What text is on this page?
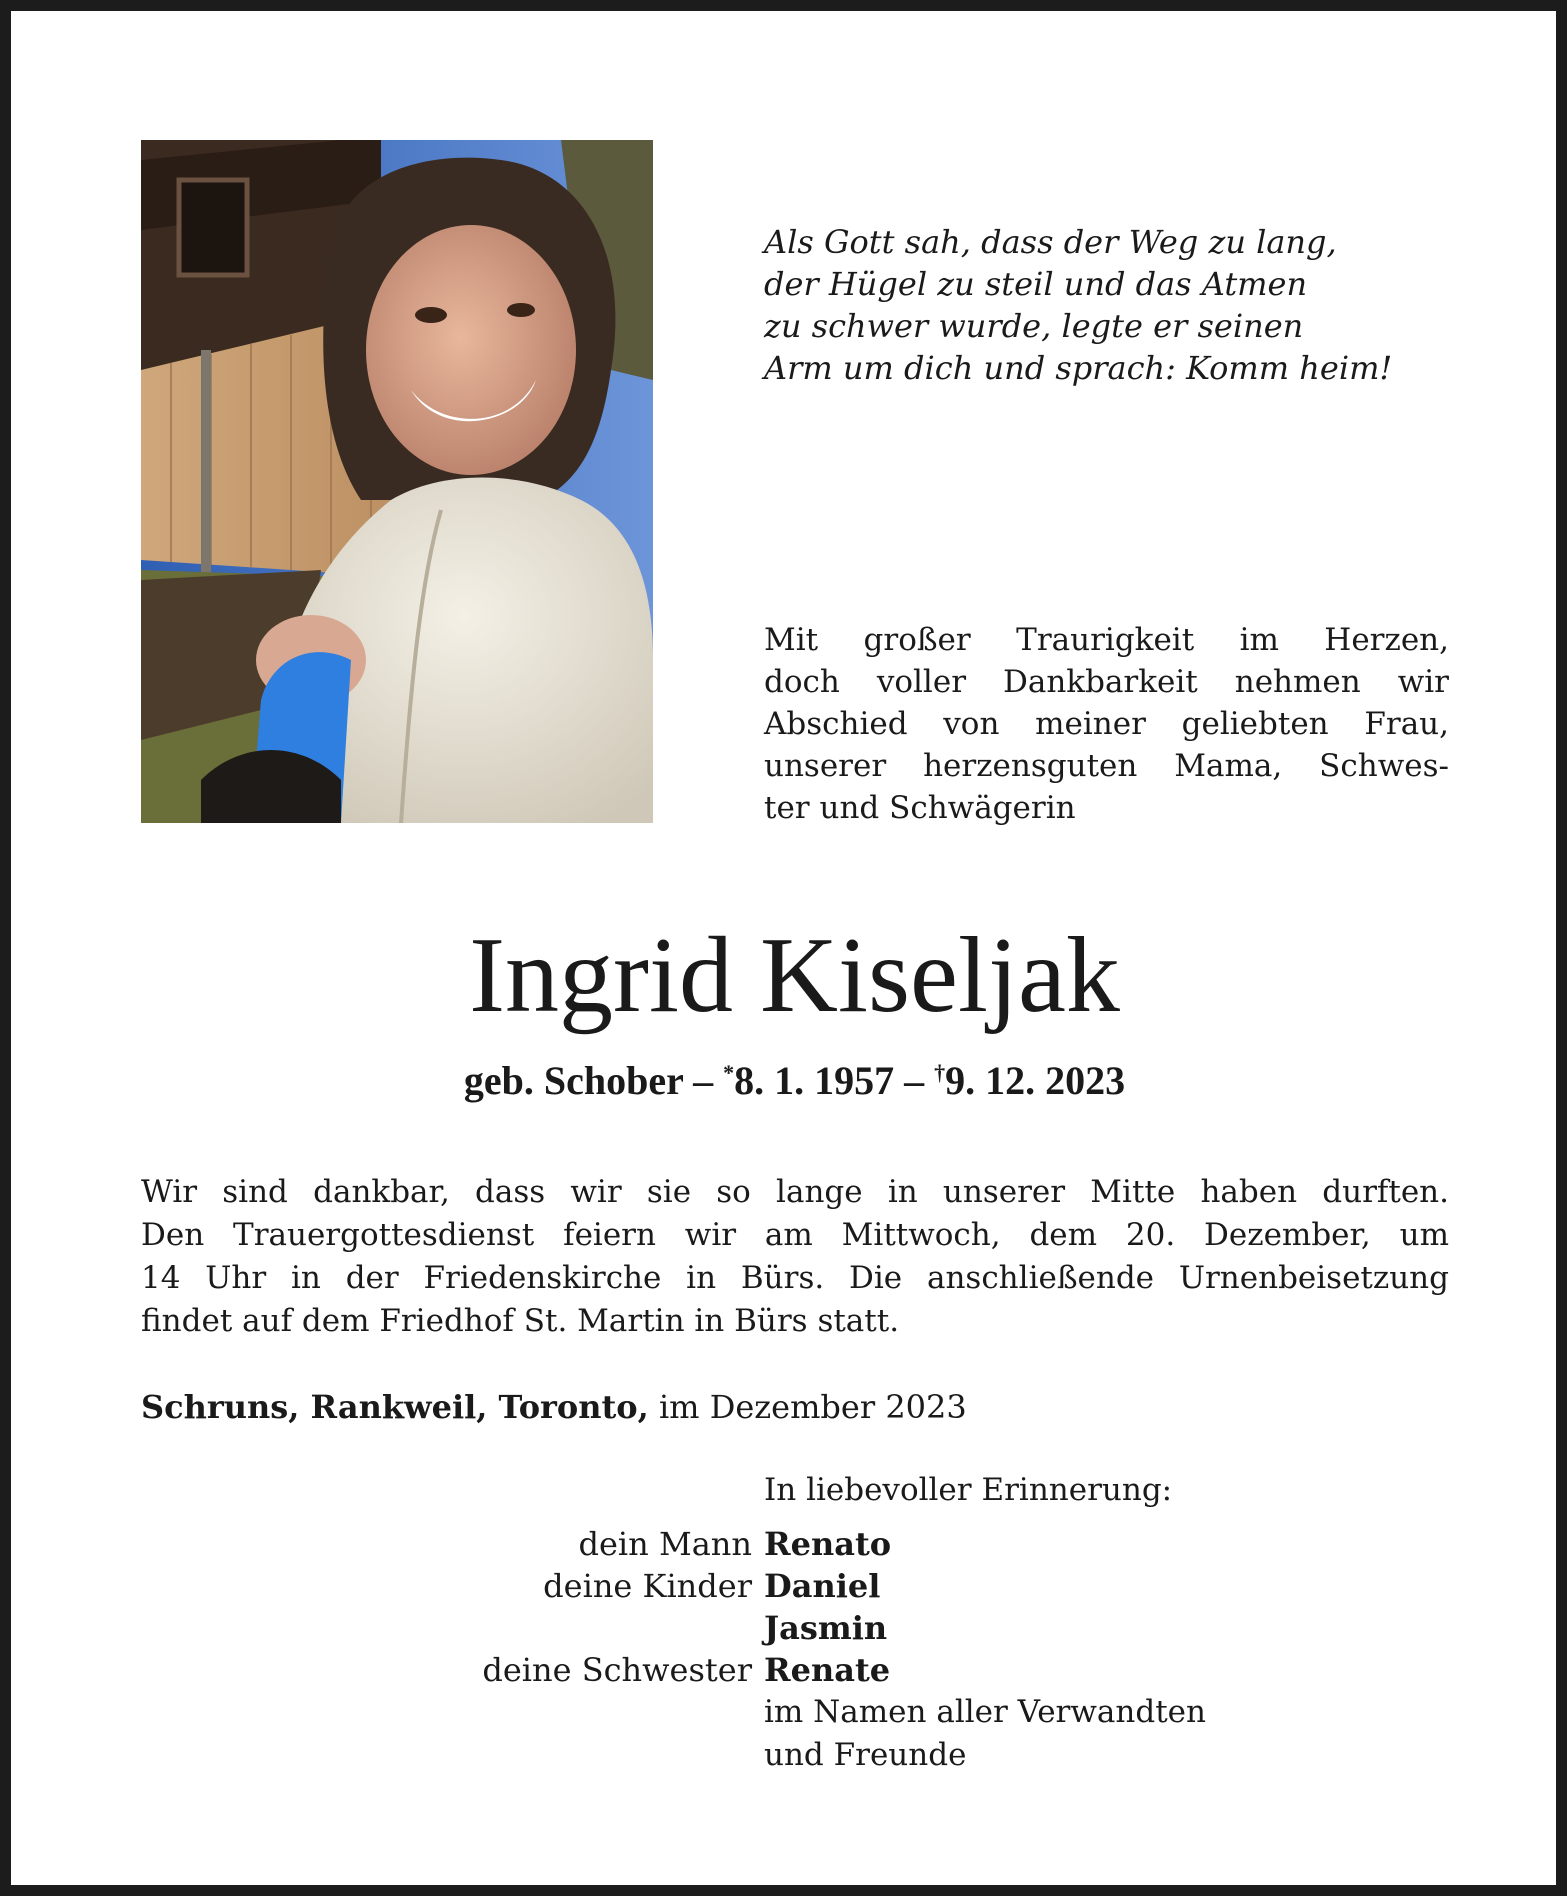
Als Gott sah, dass der Weg zu lang,
der Hügel zu steil und das Atmen
zu schwer wurde, legte er seinen
Arm um dich und sprach: Komm heim!
Mit großer Traurigkeit im Herzen,
doch voller Dankbarkeit nehmen wir
Abschied von meiner geliebten Frau,
unserer herzensguten Mama, Schwes-
ter und Schwägerin
Ingrid Kiseljak
geb. Schober – *8. 1. 1957 – †9. 12. 2023
Wir sind dankbar, dass wir sie so lange in unserer Mitte haben durften.
Den Trauergottesdienst feiern wir am Mittwoch, dem 20. Dezember, um
14 Uhr in der Friedenskirche in Bürs. Die anschließende Urnenbeisetzung
findet auf dem Friedhof St. Martin in Bürs statt.
Schruns, Rankweil, Toronto, im Dezember 2023
In liebevoller Erinnerung:
dein Mann Renato
deine Kinder Daniel
Jasmin
deine Schwester Renate
im Namen aller Verwandten
und Freunde
